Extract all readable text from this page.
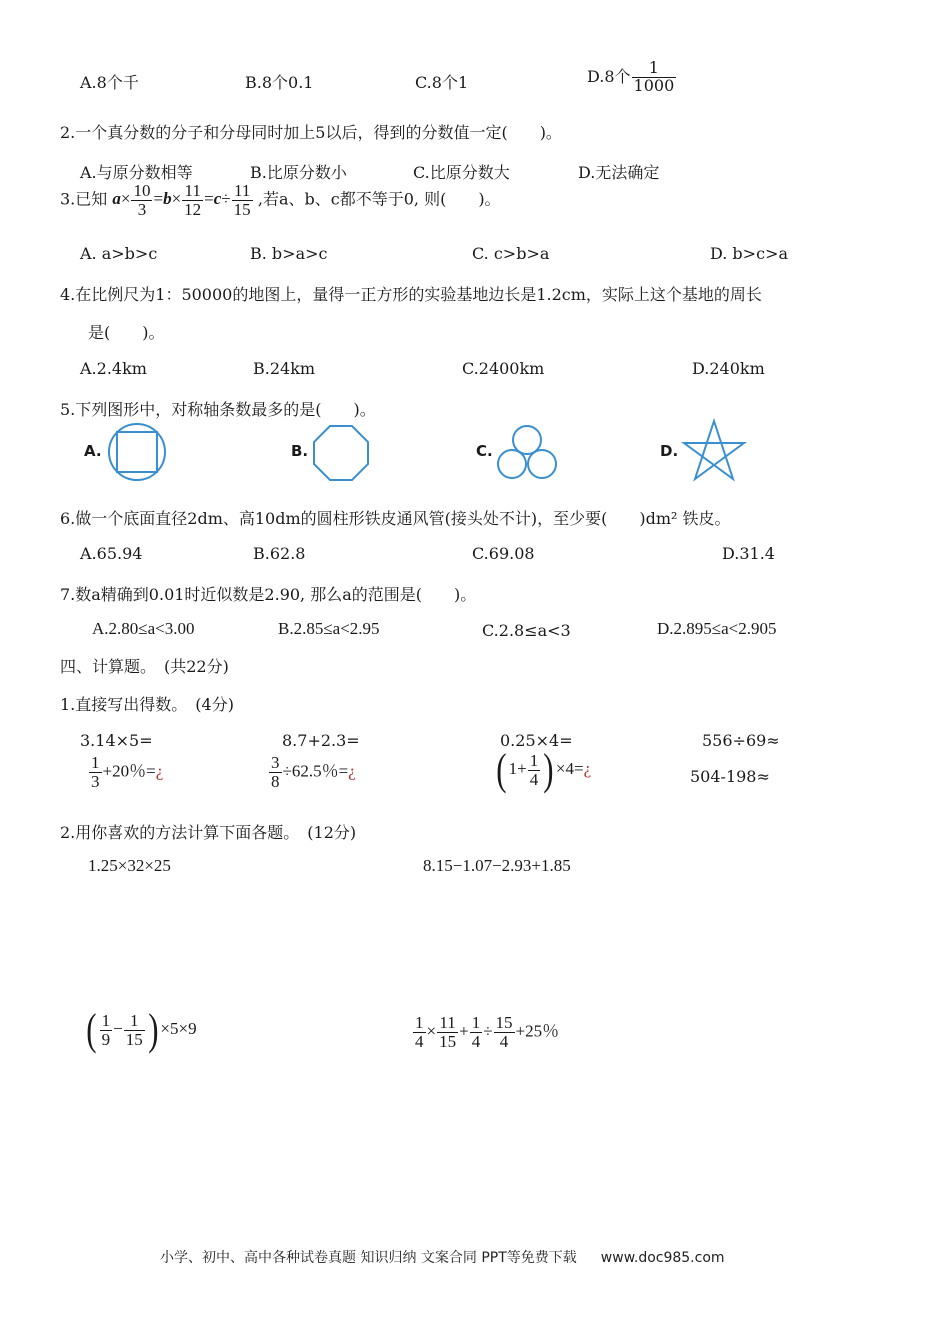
A.8个千	B.8个0.1	C.8个1	D.8个 $\frac{1}{1000}$
2.一个真分数的分子和分母同时加上5以后，得到的分数值一定(　　)。
A.与原分数相等	B.比原分数小	C.比原分数大	D.无法确定
3.已知 $a\times \frac{10}{3} =b\times \frac{11}{12} =c\div \frac{11}{15}$ ,若a、b、c都不等于0, 则(　　)。
A. a>b>c	B. b>a>c	C. c>b>a	D. b>c>a
4.在比例尺为1：50000的地图上，量得一正方形的实验基地边长是1.2cm，实际上这个基地的周长
是(　　)。
A.2.4km	B.24km	C.2400km	D.240km
5.下列图形中，对称轴条数最多的是(　　)。
A.	B.	C.	D.
6.做一个底面直径2dm、高10dm的圆柱形铁皮通风管(接头处不计)，至少要(　　)dm² 铁皮。
A.65.94	B.62.8	C.69.08	D.31.4
7.数a精确到0.01时近似数是2.90, 那么a的范围是(　　)。
A.2.80≤a<3.00	B.2.85≤a<2.95	C.2.8≤a<3	D.2.895≤a<2.905
四、计算题。　(共22分)
1.直接写出得数。　(4分)
3.14×5=	8.7+2.3=	0.25×4=	556÷69≈
$\frac{1}{3} +20$％=¿	$\frac{3}{8} \div 62.5$％=¿	( $1+ \frac{1}{4}$ ) ×4=¿	504-198≈
2.用你喜欢的方法计算下面各题。　(12分)
1.25×32×25	8.15−1.07−2.93+1.85
( $\frac{1}{9} - \frac{1}{15}$ ) ×5×9	$\frac{1}{4} \times \frac{11}{15} + \frac{1}{4} \div \frac{15}{4} +25$％
小学、初中、高中各种试卷真题 知识归纳 文案合同 PPT等免费下载 www.doc985.com
